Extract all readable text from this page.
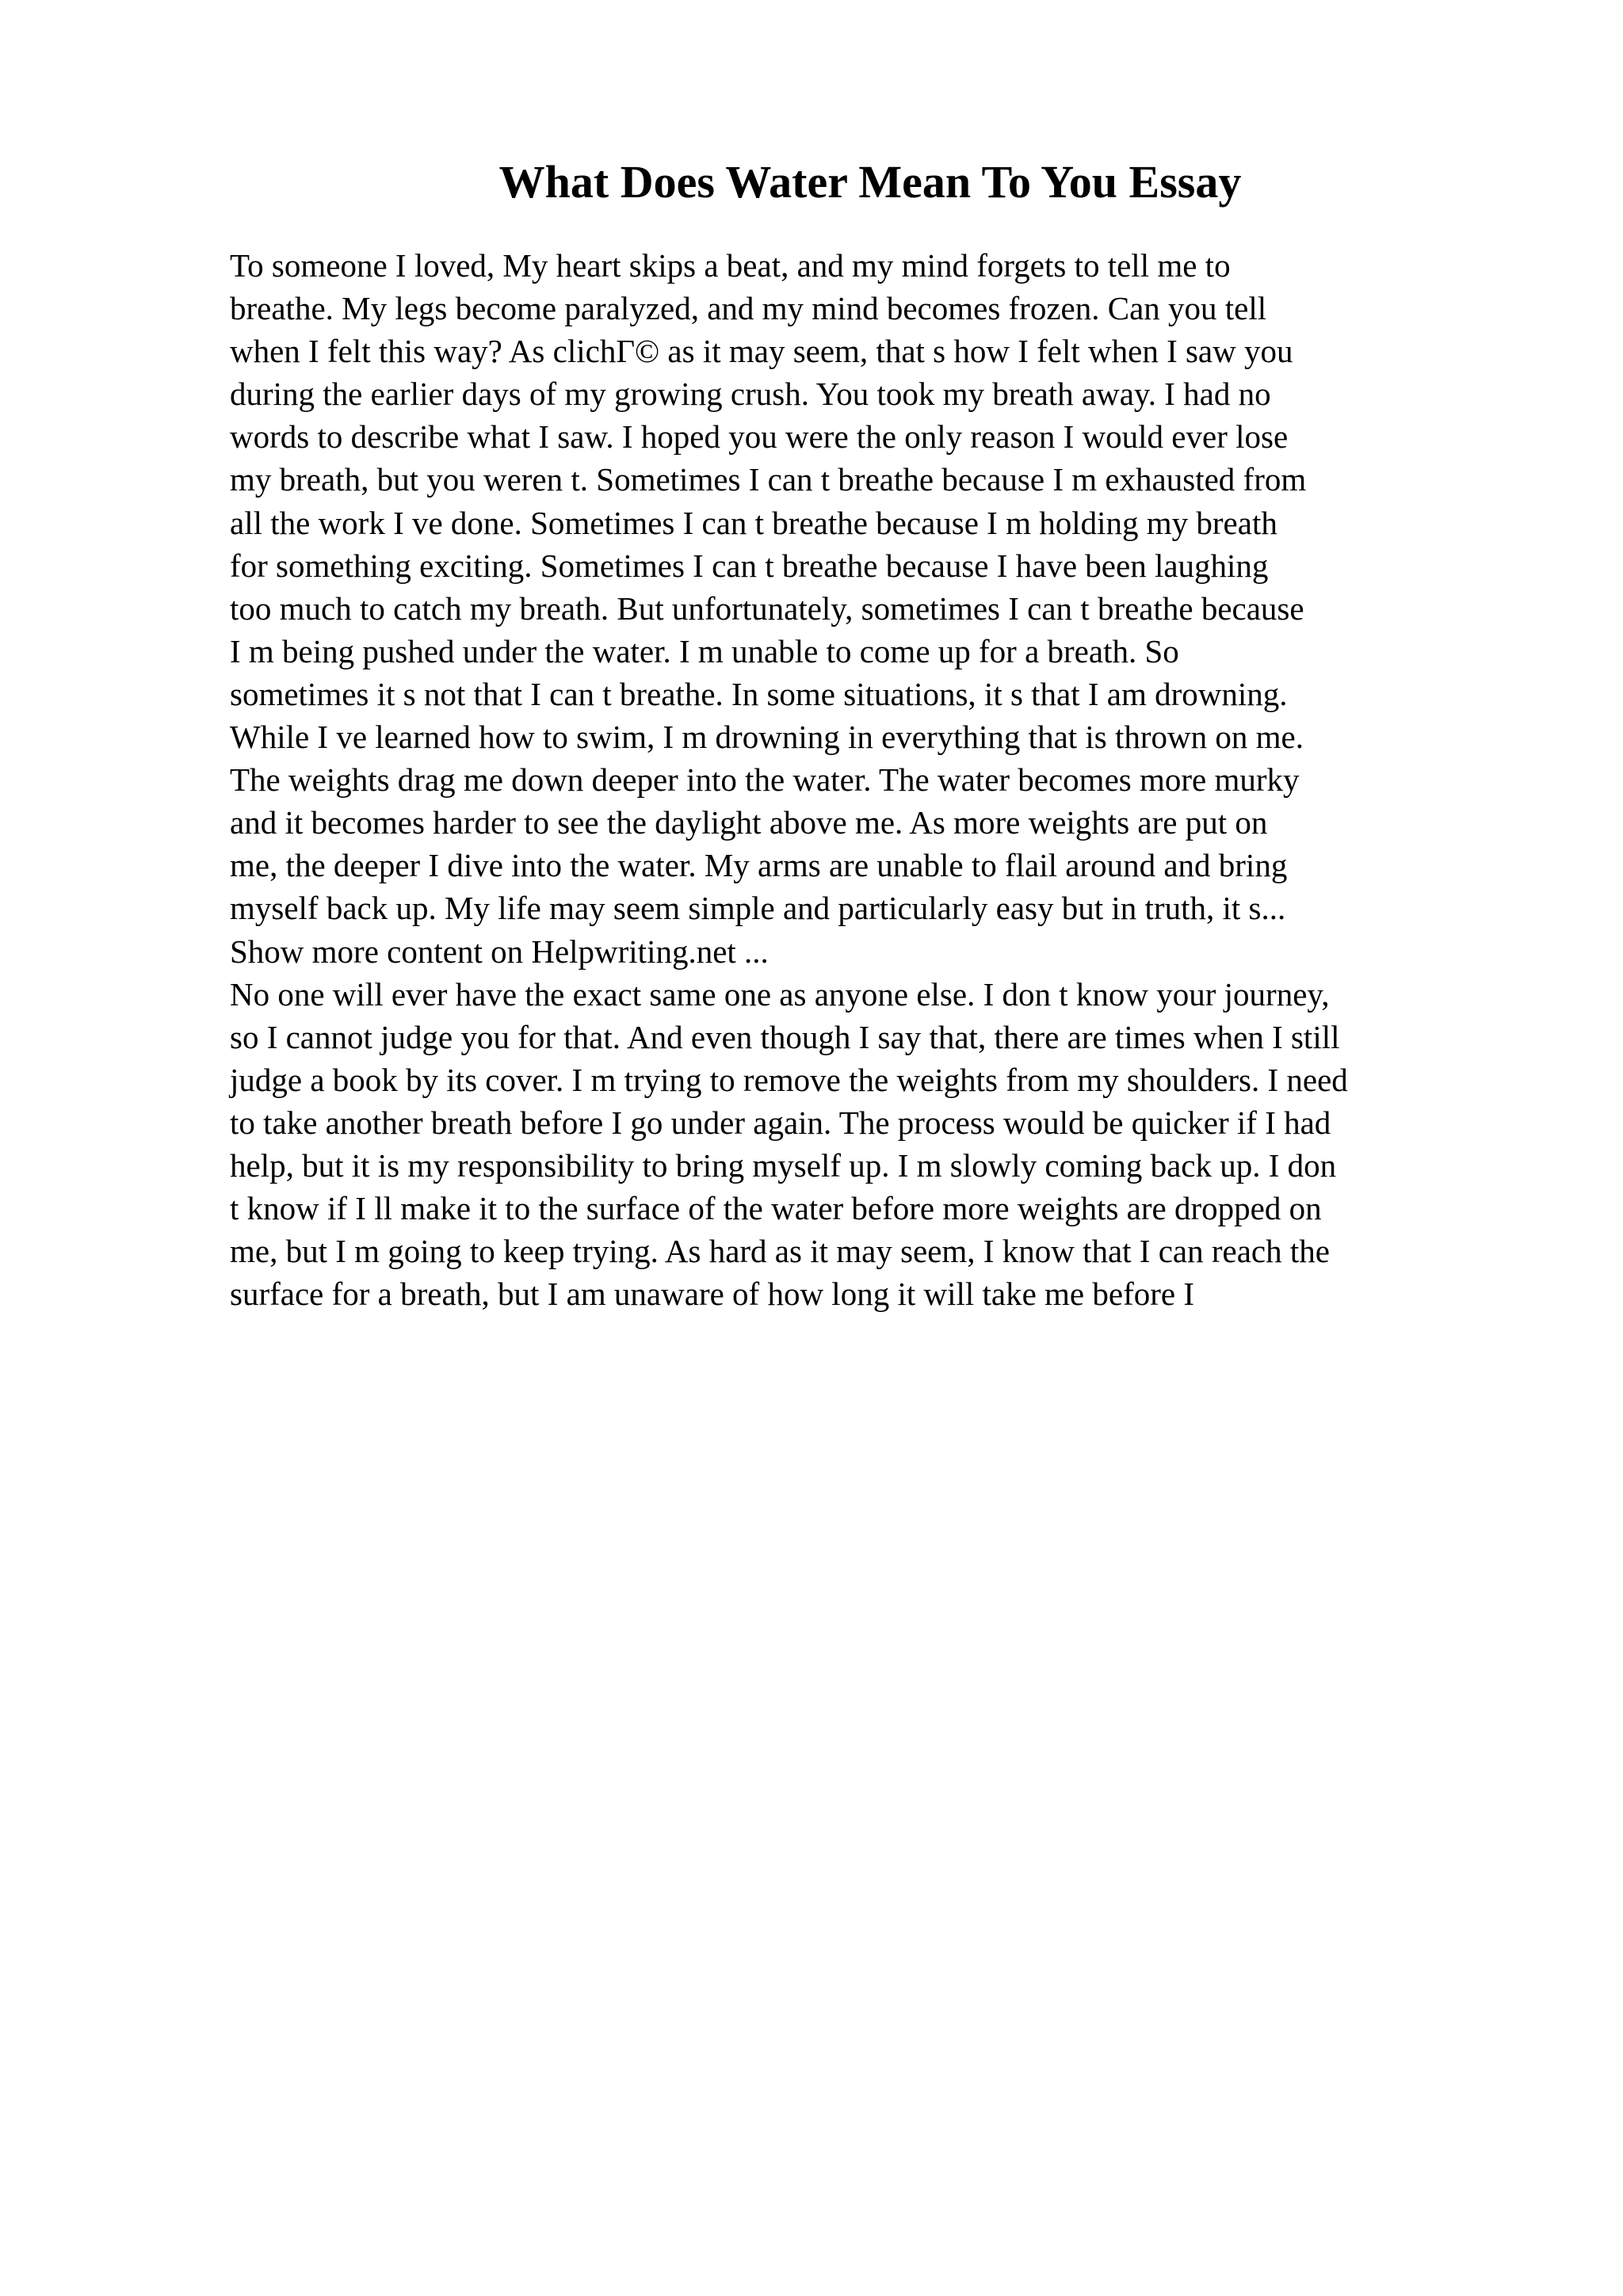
What Does Water Mean To You Essay
To someone I loved, My heart skips a beat, and my mind forgets to tell me to
breathe. My legs become paralyzed, and my mind becomes frozen. Can you tell
when I felt this way? As clichГ© as it may seem, that s how I felt when I saw you
during the earlier days of my growing crush. You took my breath away. I had no
words to describe what I saw. I hoped you were the only reason I would ever lose
my breath, but you weren t. Sometimes I can t breathe because I m exhausted from
all the work I ve done. Sometimes I can t breathe because I m holding my breath
for something exciting. Sometimes I can t breathe because I have been laughing
too much to catch my breath. But unfortunately, sometimes I can t breathe because
I m being pushed under the water. I m unable to come up for a breath. So
sometimes it s not that I can t breathe. In some situations, it s that I am drowning.
While I ve learned how to swim, I m drowning in everything that is thrown on me.
The weights drag me down deeper into the water. The water becomes more murky
and it becomes harder to see the daylight above me. As more weights are put on
me, the deeper I dive into the water. My arms are unable to flail around and bring
myself back up. My life may seem simple and particularly easy but in truth, it s...
Show more content on Helpwriting.net ...
No one will ever have the exact same one as anyone else. I don t know your journey,
so I cannot judge you for that. And even though I say that, there are times when I still
judge a book by its cover. I m trying to remove the weights from my shoulders. I need
to take another breath before I go under again. The process would be quicker if I had
help, but it is my responsibility to bring myself up. I m slowly coming back up. I don
t know if I ll make it to the surface of the water before more weights are dropped on
me, but I m going to keep trying. As hard as it may seem, I know that I can reach the
surface for a breath, but I am unaware of how long it will take me before I
